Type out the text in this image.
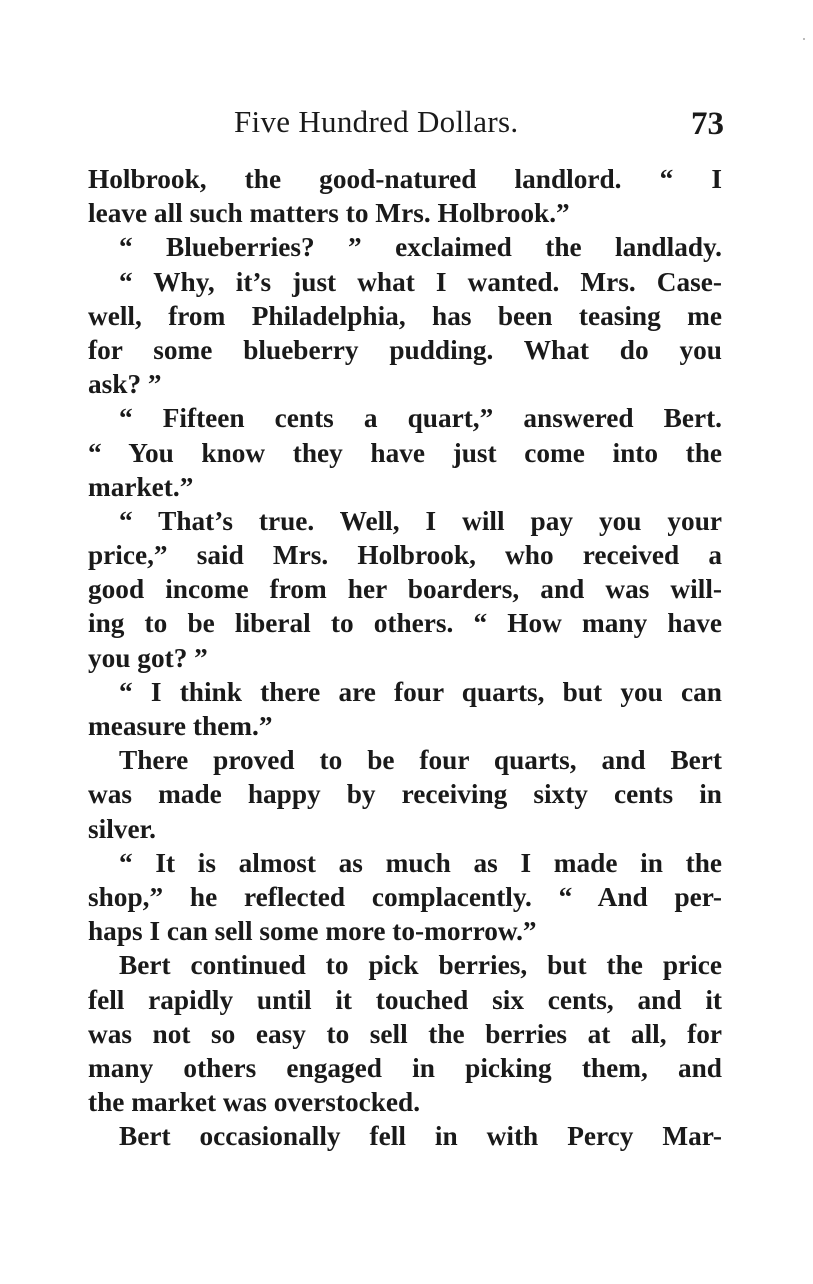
Five Hundred Dollars.	73
Holbrook, the good-natured landlord. “ I
leave all such matters to Mrs. Holbrook.”
“ Blueberries? ” exclaimed the landlady.
“ Why, it’s just what I wanted. Mrs. Case-
well, from Philadelphia, has been teasing me
for some blueberry pudding. What do you
ask? ”
“ Fifteen cents a quart,” answered Bert.
“ You know they have just come into the
market.”
“ That’s true. Well, I will pay you your
price,” said Mrs. Holbrook, who received a
good income from her boarders, and was will-
ing to be liberal to others. “ How many have
you got? ”
“ I think there are four quarts, but you can
measure them.”
There proved to be four quarts, and Bert
was made happy by receiving sixty cents in
silver.
“ It is almost as much as I made in the
shop,” he reflected complacently. “ And per-
haps I can sell some more to-morrow.”
Bert continued to pick berries, but the price
fell rapidly until it touched six cents, and it
was not so easy to sell the berries at all, for
many others engaged in picking them, and
the market was overstocked.
Bert occasionally fell in with Percy Mar-
